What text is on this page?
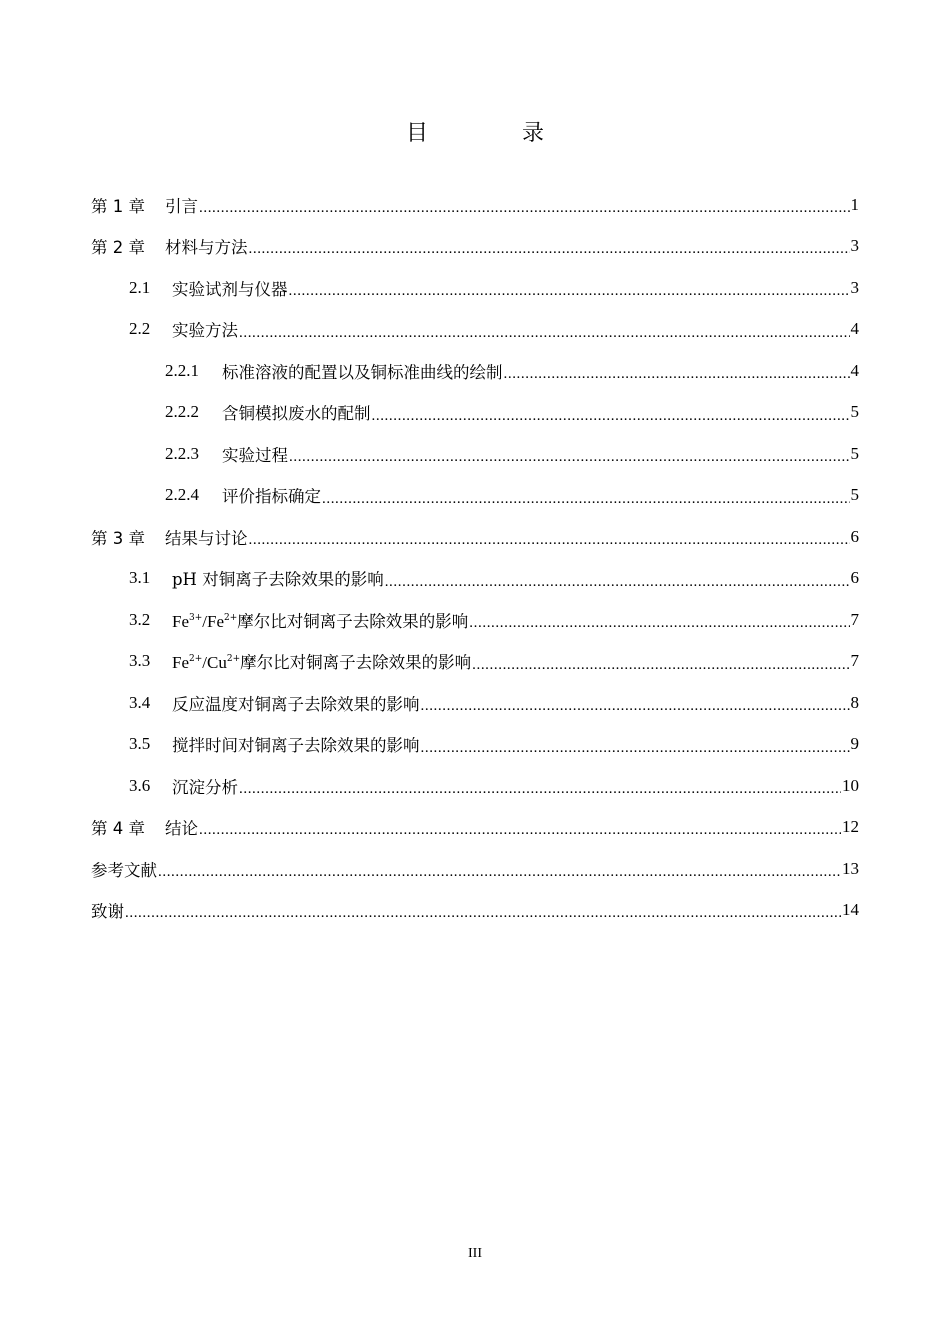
目　录
第 1 章 引言 .....	1
第 2 章 材料与方法 .....	3
2.1	实验试剂与仪器 .....	3
2.2	实验方法 .....	4
2.2.1	标准溶液的配置以及铜标准曲线的绘制 .....	4
2.2.2	含铜模拟废水的配制 .....	5
2.2.3	实验过程 .....	5
2.2.4	评价指标确定 .....	5
第 3 章 结果与讨论 .....	6
3.1	pH 对铜离子去除效果的影响 .....	6
3.2	$Fe^{3+}/Fe^{2+}$摩尔比对铜离子去除效果的影响 .....	7
3.3	$Fe^{2+}/Cu^{2+}$摩尔比对铜离子去除效果的影响 .....	7
3.4	反应温度对铜离子去除效果的影响 .....	8
3.5	搅拌时间对铜离子去除效果的影响 .....	9
3.6	沉淀分析 .....	10
第 4 章 结论 .....	12
参考文献 .....	13
致谢 .....	14
III
